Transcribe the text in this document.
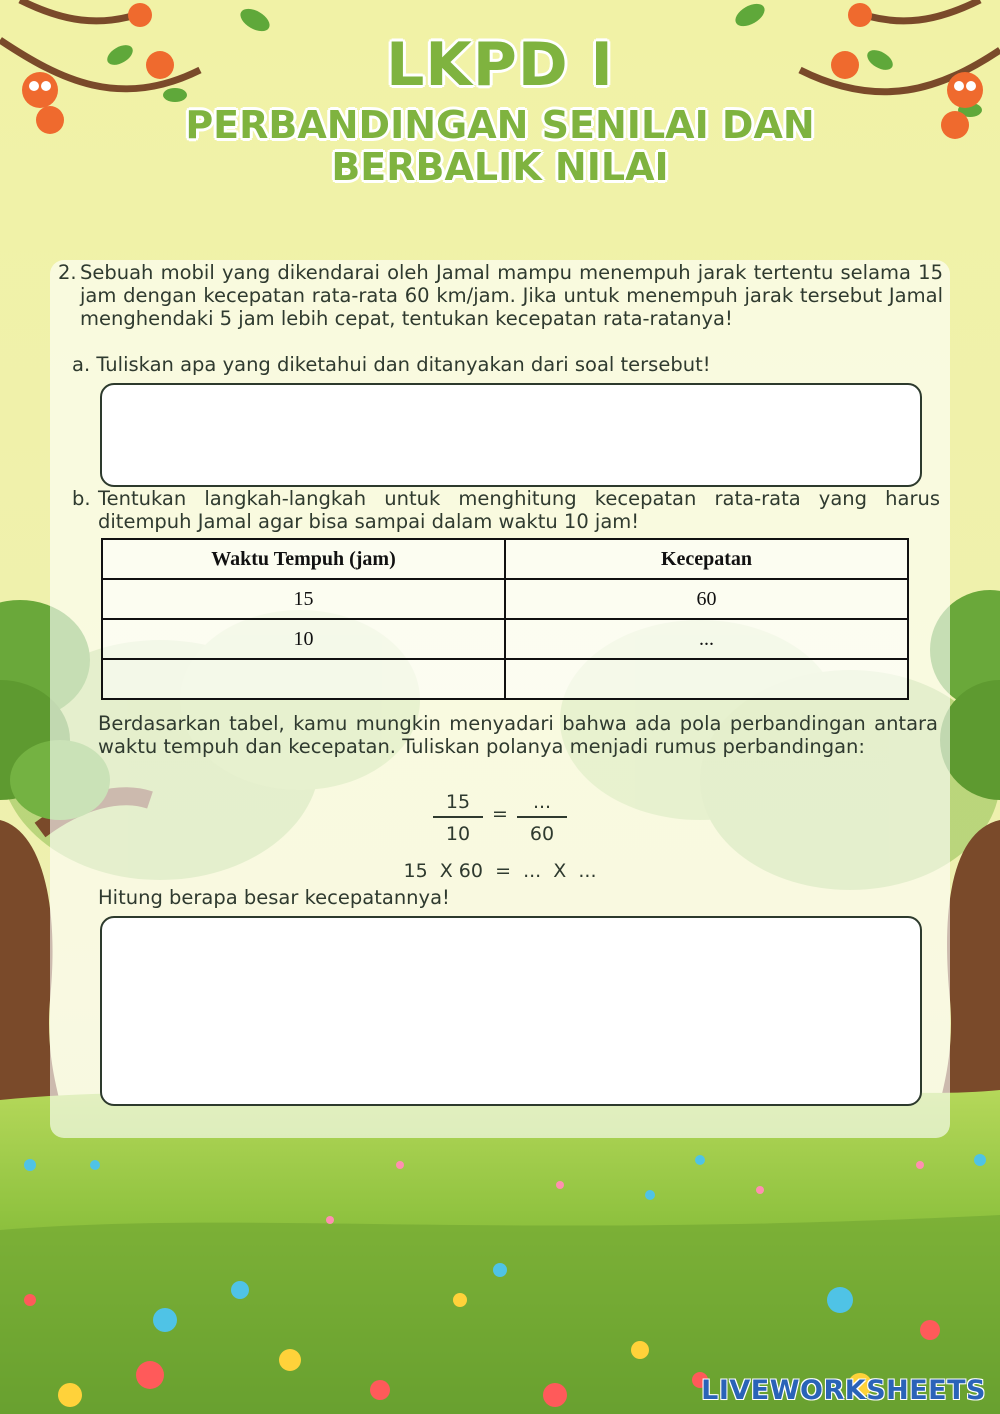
LKPD I
PERBANDINGAN SENILAI DAN
BERBALIK NILAI
2. Sebuah mobil yang dikendarai oleh Jamal mampu menempuh jarak tertentu selama 15 jam dengan kecepatan rata-rata 60 km/jam. Jika untuk menempuh jarak tersebut Jamal menghendaki 5 jam lebih cepat, tentukan kecepatan rata-ratanya!
a. Tuliskan apa yang diketahui dan ditanyakan dari soal tersebut!
b. Tentukan langkah-langkah untuk menghitung kecepatan rata-rata yang harus ditempuh Jamal agar bisa sampai dalam waktu 10 jam!
Waktu Tempuh (jam)	Kecepatan
15	60
10	...

Berdasarkan tabel, kamu mungkin menyadari bahwa ada pola perbandingan antara waktu tempuh dan kecepatan. Tuliskan polanya menjadi rumus perbandingan:
15
10
=
...
60
15  X 60  =  ...  X  ...
Hitung berapa besar kecepatannya!
LIVEWORKSHEETS
